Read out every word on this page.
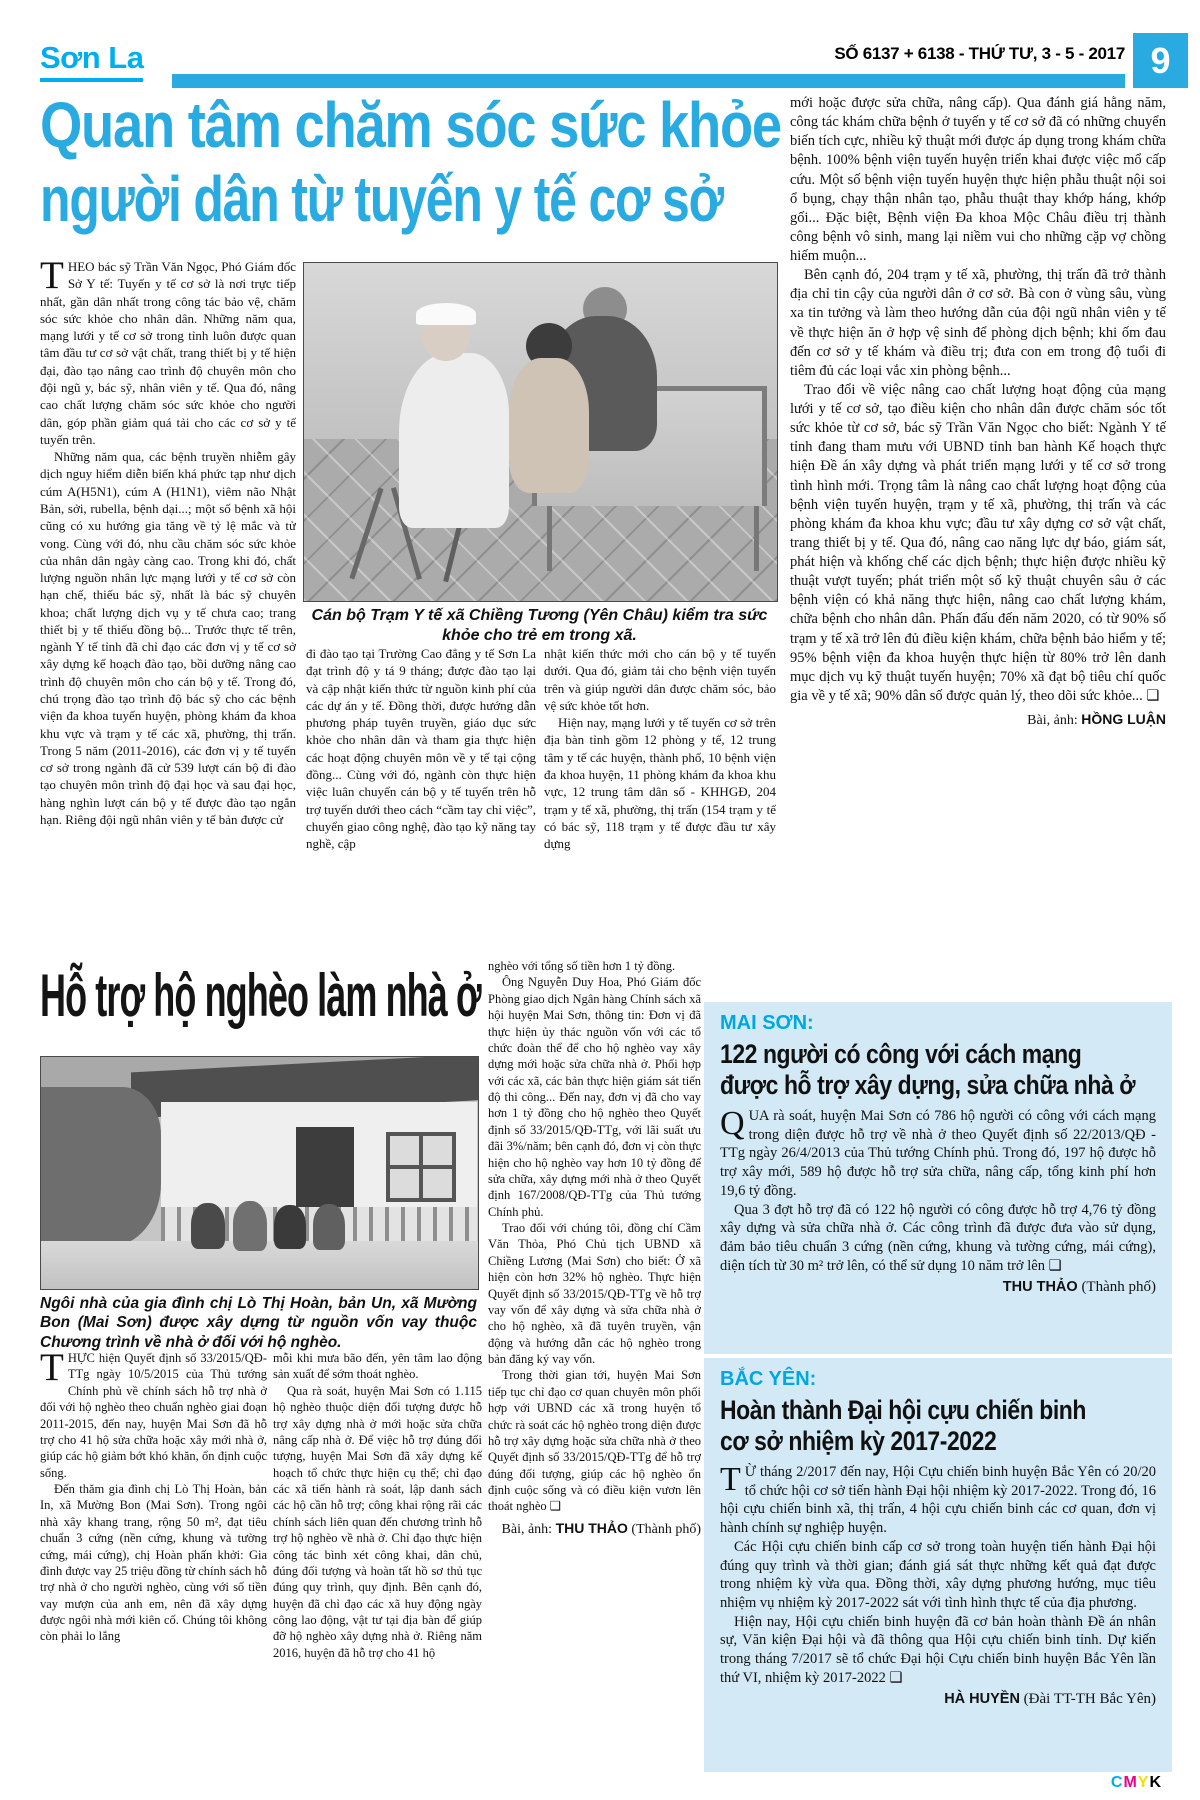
Sơn La	SỐ 6137 + 6138 - THỨ TƯ, 3 - 5 - 2017 9
Quan tâm chăm sóc sức khỏe
người dân từ tuyến y tế cơ sở

THEO bác sỹ Trần Văn Ngọc, Phó Giám đốc Sở Y tế: Tuyến y tế cơ sở là nơi trực tiếp nhất, gần dân nhất trong công tác bảo vệ, chăm sóc sức khỏe cho nhân dân. Những năm qua, mạng lưới y tế cơ sở trong tỉnh luôn được quan tâm đầu tư cơ sở vật chất, trang thiết bị y tế hiện đại, đào tạo nâng cao trình độ chuyên môn cho đội ngũ y, bác sỹ, nhân viên y tế. Qua đó, nâng cao chất lượng chăm sóc sức khỏe cho người dân, góp phần giảm quá tải cho các cơ sở y tế tuyến trên.

Những năm qua, các bệnh truyền nhiễm gây dịch nguy hiểm diễn biến khá phức tạp như dịch cúm A(H5N1), cúm A (H1N1), viêm não Nhật Bản, sởi, rubella, bệnh dại...; một số bệnh xã hội cũng có xu hướng gia tăng về tỷ lệ mắc và tử vong. Cùng với đó, nhu cầu chăm sóc sức khỏe của nhân dân ngày càng cao. Trong khi đó, chất lượng nguồn nhân lực mạng lưới y tế cơ sở còn hạn chế, thiếu bác sỹ, nhất là bác sỹ chuyên khoa; chất lượng dịch vụ y tế chưa cao; trang thiết bị y tế thiếu đồng bộ... Trước thực tế trên, ngành Y tế tỉnh đã chỉ đạo các đơn vị y tế cơ sở xây dựng kế hoạch đào tạo, bồi dưỡng nâng cao trình độ chuyên môn cho cán bộ y tế. Trong đó, chú trọng đào tạo trình độ bác sỹ cho các bệnh viện đa khoa tuyến huyện, phòng khám đa khoa khu vực và trạm y tế các xã, phường, thị trấn. Trong 5 năm (2011-2016), các đơn vị y tế tuyến cơ sở trong ngành đã cử 539 lượt cán bộ đi đào tạo chuyên môn trình độ đại học và sau đại học, hàng nghìn lượt cán bộ y tế được đào tạo ngắn hạn. Riêng đội ngũ nhân viên y tế bản được cử

Cán bộ Trạm Y tế xã Chiềng Tương (Yên Châu) kiểm tra sức khỏe cho trẻ em trong xã.

đi đào tạo tại Trường Cao đẳng y tế Sơn La đạt trình độ y tá 9 tháng; được đào tạo lại và cập nhật kiến thức từ nguồn kinh phí của các dự án y tế. Đồng thời, được hướng dẫn phương pháp tuyên truyền, giáo dục sức khỏe cho nhân dân và tham gia thực hiện các hoạt động chuyên môn về y tế tại cộng đồng... Cùng với đó, ngành còn thực hiện việc luân chuyển cán bộ y tế tuyến trên hỗ trợ tuyến dưới theo cách “cầm tay chỉ việc”, chuyển giao công nghệ, đào tạo kỹ năng tay nghề, cập

nhật kiến thức mới cho cán bộ y tế tuyến dưới. Qua đó, giảm tải cho bệnh viện tuyến trên và giúp người dân được chăm sóc, bảo vệ sức khỏe tốt hơn.

Hiện nay, mạng lưới y tế tuyến cơ sở trên địa bàn tỉnh gồm 12 phòng y tế, 12 trung tâm y tế các huyện, thành phố, 10 bệnh viện đa khoa huyện, 11 phòng khám đa khoa khu vực, 12 trung tâm dân số - KHHGĐ, 204 trạm y tế xã, phường, thị trấn (154 trạm y tế có bác sỹ, 118 trạm y tế được đầu tư xây dựng

mới hoặc được sửa chữa, nâng cấp). Qua đánh giá hằng năm, công tác khám chữa bệnh ở tuyến y tế cơ sở đã có những chuyển biến tích cực, nhiều kỹ thuật mới được áp dụng trong khám chữa bệnh. 100% bệnh viện tuyến huyện triển khai được việc mổ cấp cứu. Một số bệnh viện tuyến huyện thực hiện phẫu thuật nội soi ổ bụng, chạy thận nhân tạo, phẫu thuật thay khớp háng, khớp gối... Đặc biệt, Bệnh viện Đa khoa Mộc Châu điều trị thành công bệnh vô sinh, mang lại niềm vui cho những cặp vợ chồng hiếm muộn...

Bên cạnh đó, 204 trạm y tế xã, phường, thị trấn đã trở thành địa chỉ tin cậy của người dân ở cơ sở. Bà con ở vùng sâu, vùng xa tin tưởng và làm theo hướng dẫn của đội ngũ nhân viên y tế về thực hiện ăn ở hợp vệ sinh để phòng dịch bệnh; khi ốm đau đến cơ sở y tế khám và điều trị; đưa con em trong độ tuổi đi tiêm đủ các loại vắc xin phòng bệnh...

Trao đổi về việc nâng cao chất lượng hoạt động của mạng lưới y tế cơ sở, tạo điều kiện cho nhân dân được chăm sóc tốt sức khỏe từ cơ sở, bác sỹ Trần Văn Ngọc cho biết: Ngành Y tế tỉnh đang tham mưu với UBND tỉnh ban hành Kế hoạch thực hiện Đề án xây dựng và phát triển mạng lưới y tế cơ sở trong tình hình mới. Trọng tâm là nâng cao chất lượng hoạt động của bệnh viện tuyến huyện, trạm y tế xã, phường, thị trấn và các phòng khám đa khoa khu vực; đầu tư xây dựng cơ sở vật chất, trang thiết bị y tế. Qua đó, nâng cao năng lực dự báo, giám sát, phát hiện và khống chế các dịch bệnh; thực hiện được nhiều kỹ thuật vượt tuyến; phát triển một số kỹ thuật chuyên sâu ở các bệnh viện có khả năng thực hiện, nâng cao chất lượng khám, chữa bệnh cho nhân dân. Phấn đấu đến năm 2020, có từ 90% số trạm y tế xã trở lên đủ điều kiện khám, chữa bệnh bảo hiểm y tế; 95% bệnh viện đa khoa huyện thực hiện từ 80% trở lên danh mục dịch vụ kỹ thuật tuyến huyện; 70% xã đạt bộ tiêu chí quốc gia về y tế xã; 90% dân số được quản lý, theo dõi sức khỏe... ❑

Bài, ảnh: HỒNG LUẬN
Hỗ trợ hộ nghèo làm nhà ở
Ngôi nhà của gia đình chị Lò Thị Hoàn, bản Un, xã Mường Bon (Mai Sơn) được xây dựng từ nguồn vốn vay thuộc Chương trình về nhà ở đối với hộ nghèo.

THỰC hiện Quyết định số 33/2015/QĐ-TTg ngày 10/5/2015 của Thủ tướng Chính phủ về chính sách hỗ trợ nhà ở đối với hộ nghèo theo chuẩn nghèo giai đoạn 2011-2015, đến nay, huyện Mai Sơn đã hỗ trợ cho 41 hộ sửa chữa hoặc xây mới nhà ở, giúp các hộ giảm bớt khó khăn, ổn định cuộc sống.

Đến thăm gia đình chị Lò Thị Hoàn, bản In, xã Mường Bon (Mai Sơn). Trong ngôi nhà xây khang trang, rộng 50 m², đạt tiêu chuẩn 3 cứng (nền cứng, khung và tường cứng, mái cứng), chị Hoàn phấn khởi: Gia đình được vay 25 triệu đồng từ chính sách hỗ trợ nhà ở cho người nghèo, cùng với số tiền vay mượn của anh em, nên đã xây dựng được ngôi nhà mới kiên cố. Chúng tôi không còn phải lo lắng

mỗi khi mưa bão đến, yên tâm lao động sản xuất để sớm thoát nghèo.

Qua rà soát, huyện Mai Sơn có 1.115 hộ nghèo thuộc diện đối tượng được hỗ trợ xây dựng nhà ở mới hoặc sửa chữa nâng cấp nhà ở. Để việc hỗ trợ đúng đối tượng, huyện Mai Sơn đã xây dựng kế hoạch tổ chức thực hiện cụ thể; chỉ đạo các xã tiến hành rà soát, lập danh sách các hộ cần hỗ trợ; công khai rộng rãi các chính sách liên quan đến chương trình hỗ trợ hộ nghèo về nhà ở. Chỉ đạo thực hiện công tác bình xét công khai, dân chủ, đúng đối tượng và hoàn tất hồ sơ thủ tục đúng quy trình, quy định. Bên cạnh đó, huyện đã chỉ đạo các xã huy động ngày công lao động, vật tư tại địa bàn để giúp đỡ hộ nghèo xây dựng nhà ở. Riêng năm 2016, huyện đã hỗ trợ cho 41 hộ

nghèo với tổng số tiền hơn 1 tỷ đồng.

Ông Nguyễn Duy Hoa, Phó Giám đốc Phòng giao dịch Ngân hàng Chính sách xã hội huyện Mai Sơn, thông tin: Đơn vị đã thực hiện ủy thác nguồn vốn với các tổ chức đoàn thể để cho hộ nghèo vay xây dựng mới hoặc sửa chữa nhà ở. Phối hợp với các xã, các bản thực hiện giám sát tiến độ thi công... Đến nay, đơn vị đã cho vay hơn 1 tỷ đồng cho hộ nghèo theo Quyết định số 33/2015/QĐ-TTg, với lãi suất ưu đãi 3%/năm; bên cạnh đó, đơn vị còn thực hiện cho hộ nghèo vay hơn 10 tỷ đồng để sửa chữa, xây dựng mới nhà ở theo Quyết định 167/2008/QĐ-TTg của Thủ tướng Chính phủ.

Trao đổi với chúng tôi, đồng chí Cầm Văn Thỏa, Phó Chủ tịch UBND xã Chiềng Lương (Mai Sơn) cho biết: Ở xã hiện còn hơn 32% hộ nghèo. Thực hiện Quyết định số 33/2015/QĐ-TTg về hỗ trợ vay vốn để xây dựng và sửa chữa nhà ở cho hộ nghèo, xã đã tuyên truyền, vận động và hướng dẫn các hộ nghèo trong bản đăng ký vay vốn.

Trong thời gian tới, huyện Mai Sơn tiếp tục chỉ đạo cơ quan chuyên môn phối hợp với UBND các xã trong huyện tổ chức rà soát các hộ nghèo trong diện được hỗ trợ xây dựng hoặc sửa chữa nhà ở theo Quyết định số 33/2015/QĐ-TTg để hỗ trợ đúng đối tượng, giúp các hộ nghèo ổn định cuộc sống và có điều kiện vươn lên thoát nghèo ❑

Bài, ảnh: THU THẢO (Thành phố)
MAI SƠN:
122 người có công với cách mạng
được hỗ trợ xây dựng, sửa chữa nhà ở

QUA rà soát, huyện Mai Sơn có 786 hộ người có công với cách mạng trong diện được hỗ trợ về nhà ở theo Quyết định số 22/2013/QĐ - TTg ngày 26/4/2013 của Thủ tướng Chính phủ. Trong đó, 197 hộ được hỗ trợ xây mới, 589 hộ được hỗ trợ sửa chữa, nâng cấp, tổng kinh phí hơn 19,6 tỷ đồng.

Qua 3 đợt hỗ trợ đã có 122 hộ người có công được hỗ trợ 4,76 tỷ đồng xây dựng và sửa chữa nhà ở. Các công trình đã được đưa vào sử dụng, đảm bảo tiêu chuẩn 3 cứng (nền cứng, khung và tường cứng, mái cứng), diện tích từ 30 m² trở lên, có thể sử dụng 10 năm trở lên ❑

THU THẢO (Thành phố)
BẮC YÊN:
Hoàn thành Đại hội cựu chiến binh
cơ sở nhiệm kỳ 2017-2022

T Ừ tháng 2/2017 đến nay, Hội Cựu chiến binh huyện Bắc Yên có 20/20 tổ chức hội cơ sở tiến hành Đại hội nhiệm kỳ 2017-2022. Trong đó, 16 hội cựu chiến binh xã, thị trấn, 4 hội cựu chiến binh các cơ quan, đơn vị hành chính sự nghiệp huyện.

Các Hội cựu chiến binh cấp cơ sở trong toàn huyện tiến hành Đại hội đúng quy trình và thời gian; đánh giá sát thực những kết quả đạt được trong nhiệm kỳ vừa qua. Đồng thời, xây dựng phương hướng, mục tiêu nhiệm vụ nhiệm kỳ 2017-2022 sát với tình hình thực tế của địa phương.

Hiện nay, Hội cựu chiến binh huyện đã cơ bản hoàn thành Đề án nhân sự, Văn kiện Đại hội và đã thông qua Hội cựu chiến binh tỉnh. Dự kiến trong tháng 7/2017 sẽ tổ chức Đại hội Cựu chiến binh huyện Bắc Yên lần thứ VI, nhiệm kỳ 2017-2022 ❑

HÀ HUYỀN (Đài TT-TH Bắc Yên)
CMYK
